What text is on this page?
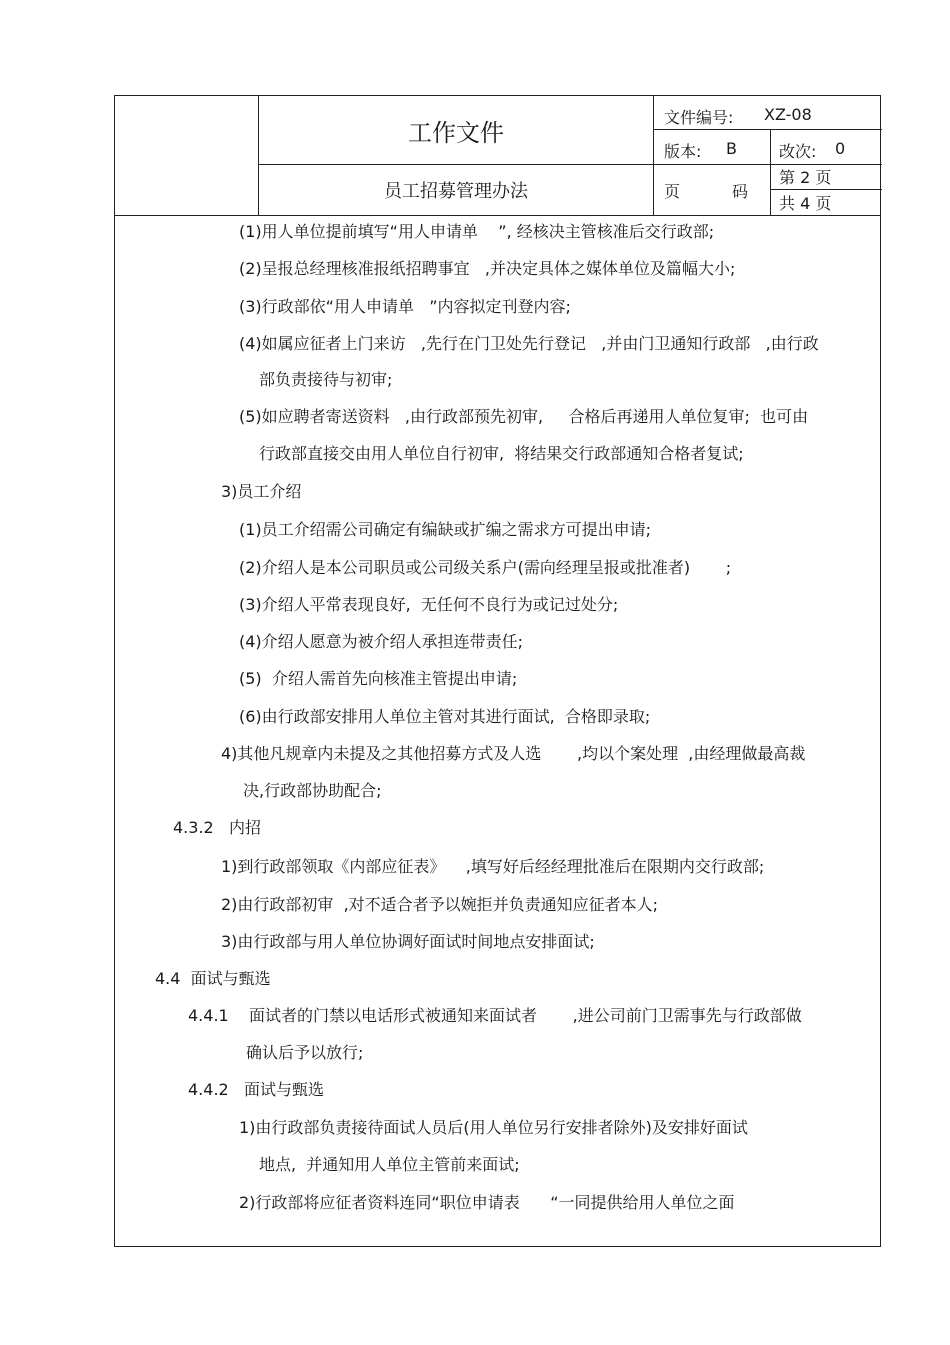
工作文件
员工招募管理办法
文件编号: XZ-08
版本: B	改次: 0
页	码
第 2 页
共 4 页
(1)用人单位提前填写“用人申请单    ”, 经核决主管核准后交行政部;
(2)呈报总经理核准报纸招聘事宜   ,并决定具体之媒体单位及篇幅大小;
(3)行政部依“用人申请单   ”内容拟定刊登内容;
(4)如属应征者上门来访   ,先行在门卫处先行登记   ,并由门卫通知行政部   ,由行政
部负责接待与初审;
(5)如应聘者寄送资料   ,由行政部预先初审,     合格后再递用人单位复审;  也可由
行政部直接交由用人单位自行初审,  将结果交行政部通知合格者复试;
3)员工介绍
(1)员工介绍需公司确定有编缺或扩编之需求方可提出申请;
(2)介绍人是本公司职员或公司级关系户(需向经理呈报或批准者)       ;
(3)介绍人平常表现良好,  无任何不良行为或记过处分;
(4)介绍人愿意为被介绍人承担连带责任;
(5)  介绍人需首先向核准主管提出申请;
(6)由行政部安排用人单位主管对其进行面试,  合格即录取;
4)其他凡规章内未提及之其他招募方式及人选       ,均以个案处理  ,由经理做最高裁
决,行政部协助配合;
4.3.2   内招
1)到行政部领取《内部应征表》    ,填写好后经经理批准后在限期内交行政部;
2)由行政部初审  ,对不适合者予以婉拒并负责通知应征者本人;
3)由行政部与用人单位协调好面试时间地点安排面试;
4.4  面试与甄选
4.4.1    面试者的门禁以电话形式被通知来面试者       ,进公司前门卫需事先与行政部做
确认后予以放行;
4.4.2   面试与甄选
1)由行政部负责接待面试人员后(用人单位另行安排者除外)及安排好面试
地点,  并通知用人单位主管前来面试;
2)行政部将应征者资料连同“职位申请表      “一同提供给用人单位之面
